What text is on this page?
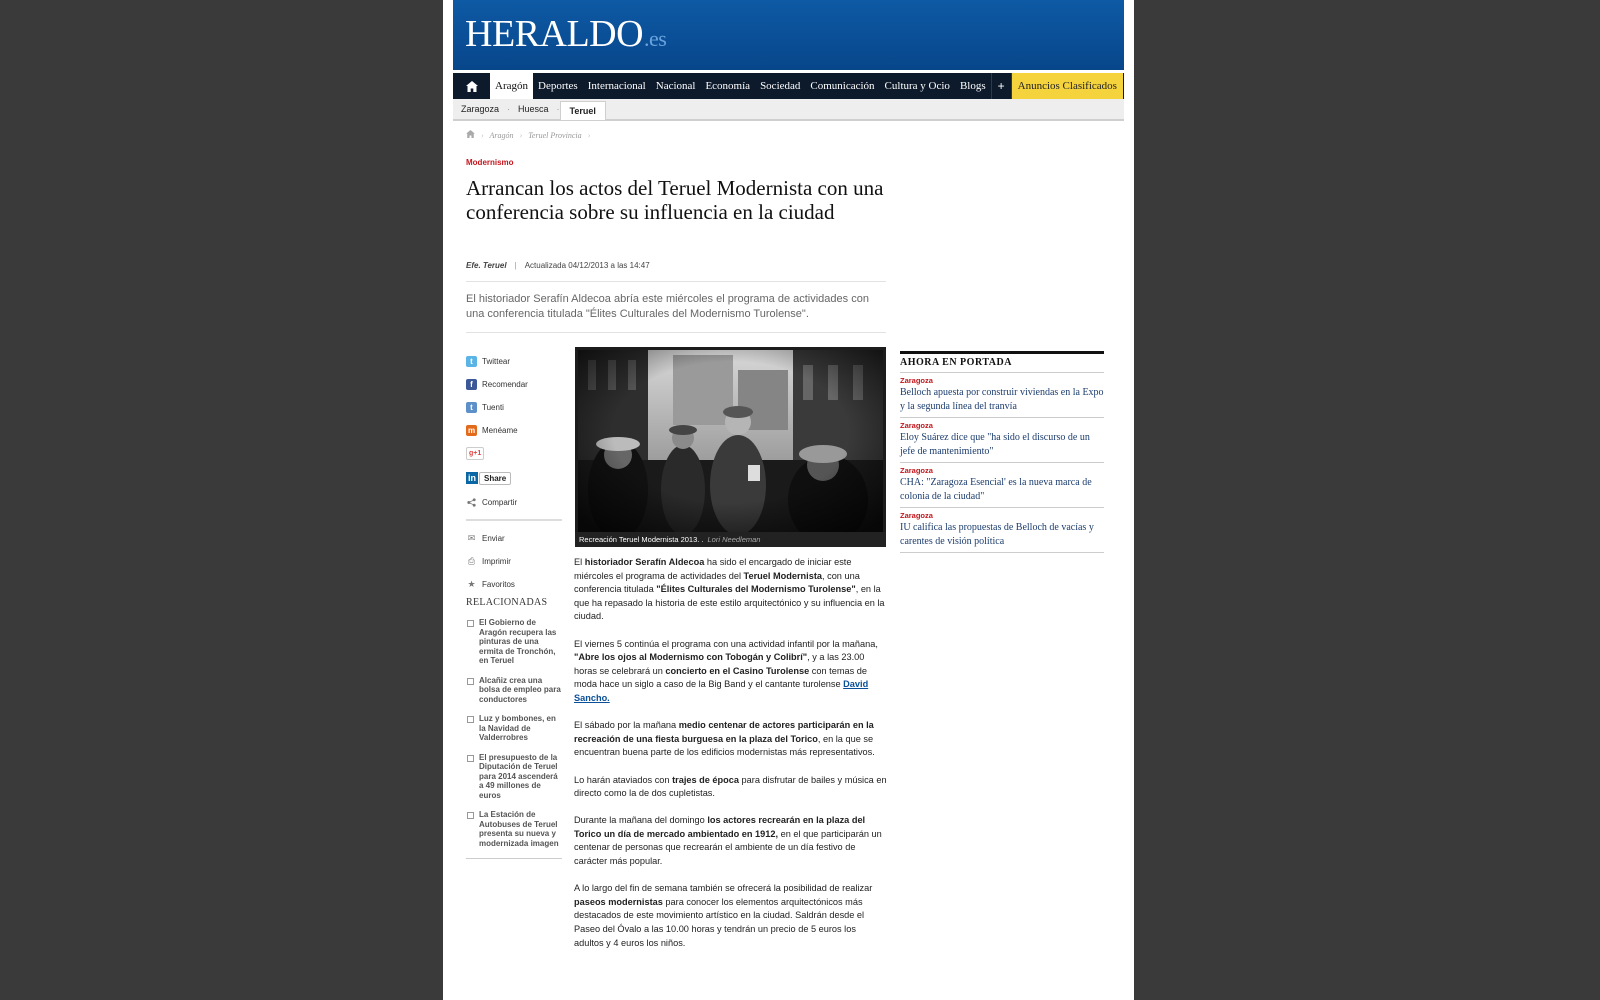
HERALDO.es
Aragón Deportes Internacional Nacional Economía Sociedad Comunicación Cultura y Ocio Blogs	+	Anuncios Clasificados
Zaragoza · Huesca ·	Teruel
› Aragón › Teruel Provincia ›
Modernismo
Arrancan los actos del Teruel Modernista con una conferencia sobre su influencia en la ciudad
Efe. Teruel | Actualizada 04/12/2013 a las 14:47

El historiador Serafín Aldecoa abría este miércoles el programa de actividades con una conferencia titulada "Élites Culturales del Modernismo Turolense".

t	Twittear
f	Recomendar
t	Tuenti
m Menéame
g+1
in	Share
Compartir
✉ Enviar
⎙ Imprimir
★ Favoritos
RELACIONADAS
El Gobierno de Aragón recupera las pinturas de una ermita de Tronchón, en Teruel
Alcañiz crea una bolsa de empleo para conductores
Luz y bombones, en la Navidad de Valderrobres
El presupuesto de la Diputación de Teruel para 2014 ascenderá a 49 millones de euros
La Estación de Autobuses de Teruel presenta su nueva y modernizada imagen
Recreación Teruel Modernista 2013. . Lori Needleman

El historiador Serafín Aldecoa ha sido el encargado de iniciar este miércoles el programa de actividades del Teruel Modernista, con una conferencia titulada "Élites Culturales del Modernismo Turolense", en la que ha repasado la historia de este estilo arquitectónico y su influencia en la ciudad.

El viernes 5 continúa el programa con una actividad infantil por la mañana, "Abre los ojos al Modernismo con Tobogán y Colibrí", y a las 23.00 horas se celebrará un concierto en el Casino Turolense con temas de moda hace un siglo a caso de la Big Band y el cantante turolense David Sancho.

El sábado por la mañana medio centenar de actores participarán en la recreación de una fiesta burguesa en la plaza del Torico, en la que se encuentran buena parte de los edificios modernistas más representativos.

Lo harán ataviados con trajes de época para disfrutar de bailes y música en directo como la de dos cupletistas.

Durante la mañana del domingo los actores recrearán en la plaza del Torico un día de mercado ambientado en 1912, en el que participarán un centenar de personas que recrearán el ambiente de un día festivo de carácter más popular.

A lo largo del fin de semana también se ofrecerá la posibilidad de realizar paseos modernistas para conocer los elementos arquitectónicos más destacados de este movimiento artístico en la ciudad. Saldrán desde el Paseo del Óvalo a las 10.00 horas y tendrán un precio de 5 euros los adultos y 4 euros los niños.

AHORA EN PORTADA
Zaragoza
Belloch apuesta por construir viviendas en la Expo y la segunda línea del tranvía
Zaragoza
Eloy Suárez dice que "ha sido el discurso de un jefe de mantenimiento"
Zaragoza
CHA: "Zaragoza Esencial' es la nueva marca de colonia de la ciudad"
Zaragoza
IU califica las propuestas de Belloch de vacías y carentes de visión política
